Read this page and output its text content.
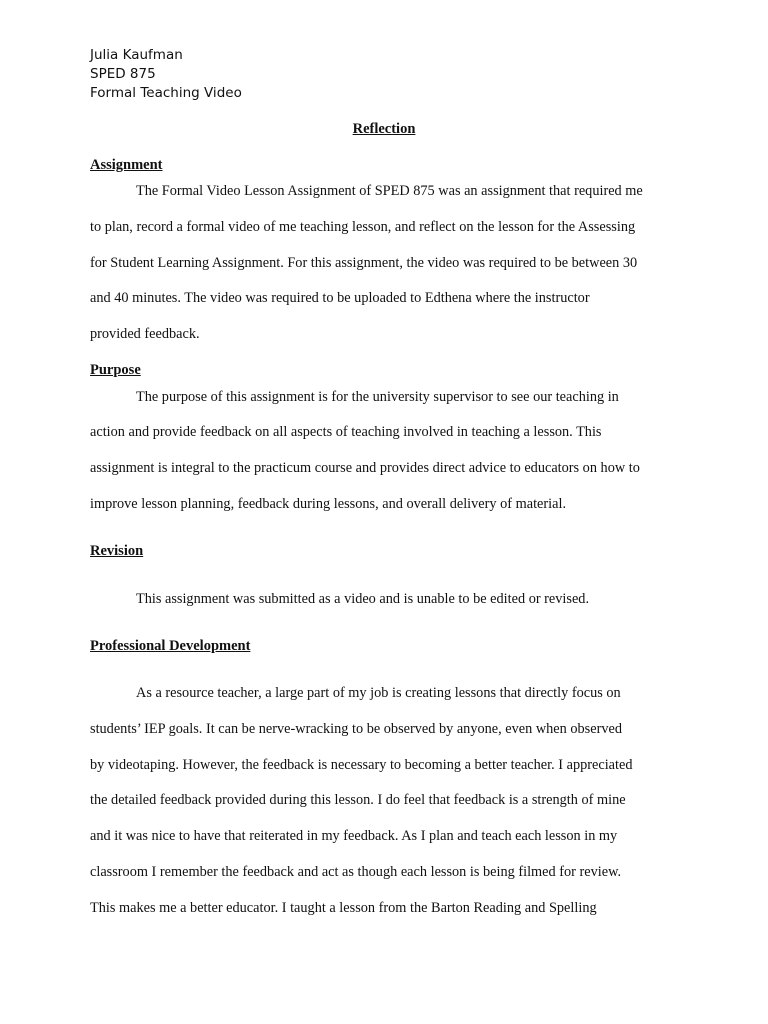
Julia Kaufman
SPED 875
Formal Teaching Video
Reflection
Assignment
The Formal Video Lesson Assignment of SPED 875 was an assignment that required me
to plan, record a formal video of me teaching lesson, and reflect on the lesson for the Assessing
for Student Learning Assignment. For this assignment, the video was required to be between 30
and 40 minutes. The video was required to be uploaded to Edthena where the instructor
provided feedback.
Purpose
The purpose of this assignment is for the university supervisor to see our teaching in
action and provide feedback on all aspects of teaching involved in teaching a lesson. This
assignment is integral to the practicum course and provides direct advice to educators on how to
improve lesson planning, feedback during lessons, and overall delivery of material.
Revision
This assignment was submitted as a video and is unable to be edited or revised.
Professional Development
As a resource teacher, a large part of my job is creating lessons that directly focus on
students’ IEP goals. It can be nerve-wracking to be observed by anyone, even when observed
by videotaping. However, the feedback is necessary to becoming a better teacher. I appreciated
the detailed feedback provided during this lesson. I do feel that feedback is a strength of mine
and it was nice to have that reiterated in my feedback. As I plan and teach each lesson in my
classroom I remember the feedback and act as though each lesson is being filmed for review.
This makes me a better educator. I taught a lesson from the Barton Reading and Spelling
